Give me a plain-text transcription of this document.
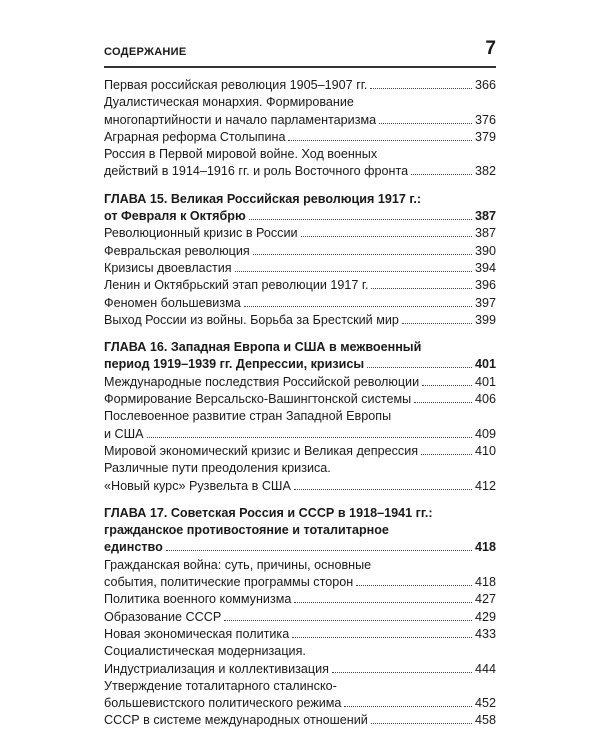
СОДЕРЖАНИЕ	7
Первая российская революция 1905–1907 гг.	366
Дуалистическая монархия. Формирование
многопартийности и начало парламентаризма	376
Аграрная реформа Столыпина	379
Россия в Первой мировой войне. Ход военных
действий в 1914–1916 гг. и роль Восточного фронта	382
ГЛАВА 15. Великая Российская революция 1917 г.:
от Февраля к Октябрю	387
Революционный кризис в России	387
Февральская революция	390
Кризисы двоевластия	394
Ленин и Октябрьский этап революции 1917 г.	396
Феномен большевизма	397
Выход России из войны. Борьба за Брестский мир	399
ГЛАВА 16. Западная Европа и США в межвоенный
период 1919–1939 гг. Депрессии, кризисы	401
Международные последствия Российской революции	401
Формирование Версальско-Вашингтонской системы	406
Послевоенное развитие стран Западной Европы
и США	409
Мировой экономический кризис и Великая депрессия	410
Различные пути преодоления кризиса.
«Новый курс» Рузвельта в США	412
ГЛАВА 17. Советская Россия и СССР в 1918–1941 гг.:
гражданское противостояние и тоталитарное
единство	418
Гражданская война: суть, причины, основные
события, политические программы сторон	418
Политика военного коммунизма	427
Образование СССР	429
Новая экономическая политика	433
Социалистическая модернизация.
Индустриализация и коллективизация	444
Утверждение тоталитарного сталинско-
большевистского политического режима	452
СССР в системе международных отношений	458
